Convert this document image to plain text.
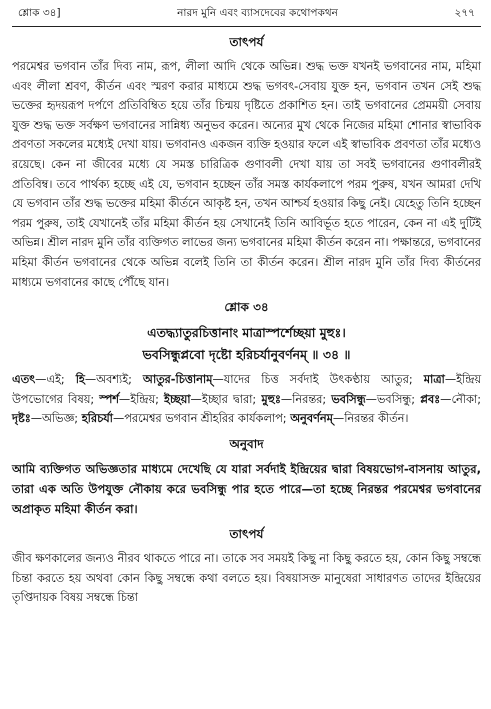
শ্লোক ৩৪]	নারদ মুনি এবং ব্যাসদেবের কথোপকথন	২৭৭
তাৎপর্য

পরমেশ্বর ভগবান তাঁর দিব্য নাম, রূপ, লীলা আদি থেকে অভিন্ন। শুদ্ধ ভক্ত যখনই ভগবানের নাম, মহিমা এবং লীলা শ্রবণ, কীর্তন এবং স্মরণ করার মাধ্যমে শুদ্ধ ভগবৎ-সেবায় যুক্ত হন, ভগবান তখন সেই শুদ্ধ ভক্তের হৃদয়রূপ দর্পণে প্রতিবিম্বিত হয়ে তাঁর চিন্ময় দৃষ্টিতে প্রকাশিত হন। তাই ভগবানের প্রেমময়ী সেবায় যুক্ত শুদ্ধ ভক্ত সর্বক্ষণ ভগবানের সান্নিধ্য অনুভব করেন। অন্যের মুখ থেকে নিজের মহিমা শোনার স্বাভাবিক প্রবণতা সকলের মধ্যেই দেখা যায়। ভগবানও একজন ব্যক্তি হওয়ার ফলে এই স্বাভাবিক প্রবণতা তাঁর মধ্যেও রয়েছে। কেন না জীবের মধ্যে যে সমস্ত চারিত্রিক গুণাবলী দেখা যায় তা সবই ভগবানের গুণাবলীরই প্রতিবিম্ব। তবে পার্থক্য হচ্ছে এই যে, ভগবান হচ্ছেন তাঁর সমস্ত কার্যকলাপে পরম পুরুষ, যখন আমরা দেখি যে ভগবান তাঁর শুদ্ধ ভক্তের মহিমা কীর্তনে আকৃষ্ট হন, তখন আশ্চর্য হওয়ার কিছু নেই। যেহেতু তিনি হচ্ছেন পরম পুরুষ, তাই যেখানেই তাঁর মহিমা কীর্তন হয় সেখানেই তিনি আবির্ভূত হতে পারেন, কেন না এই দুটিই অভিন্ন। শ্রীল নারদ মুনি তাঁর ব্যক্তিগত লাভের জন্য ভগবানের মহিমা কীর্তন করেন না। পক্ষান্তরে, ভগবানের মহিমা কীর্তন ভগবানের থেকে অভিন্ন বলেই তিনি তা কীর্তন করেন। শ্রীল নারদ মুনি তাঁর দিব্য কীর্তনের মাধ্যমে ভগবানের কাছে পৌঁছে যান।

শ্লোক ৩৪

এতদ্ধ্যাতুরচিত্তানাং মাত্রাস্পর্শেচ্ছয়া মুহুঃ।

ভবসিন্ধুপ্লবো দৃষ্টো হরিচর্যানুবর্ণনম্ ॥ ৩৪ ॥

এতৎ—এই; হি—অবশ্যই; আতুর-চিত্তানাম্—যাদের চিত্ত সর্বদাই উৎকণ্ঠায় আতুর; মাত্রা—ইন্দ্রিয় উপভোগের বিষয়; স্পর্শ—ইন্দ্রিয়; ইচ্ছয়া—ইচ্ছার দ্বারা; মুহুঃ—নিরন্তর; ভবসিন্ধু—ভবসিন্ধু; প্লবঃ—নৌকা; দৃষ্টঃ—অভিজ্ঞ; হরিচর্যা—পরমেশ্বর ভগবান শ্রীহরির কার্যকলাপ; অনুবর্ণনম্—নিরন্তর কীর্তন।

অনুবাদ

আমি ব্যক্তিগত অভিজ্ঞতার মাধ্যমে দেখেছি যে যারা সর্বদাই ইন্দ্রিয়ের দ্বারা বিষয়ভোগ-বাসনায় আতুর, তারা এক অতি উপযুক্ত নৌকায় করে ভবসিন্ধু পার হতে পারে—তা হচ্ছে নিরন্তর পরমেশ্বর ভগবানের অপ্রাকৃত মহিমা কীর্তন করা।

তাৎপর্য

জীব ক্ষণকালের জন্যও নীরব থাকতে পারে না। তাকে সব সময়ই কিছু না কিছু করতে হয়, কোন কিছু সম্বন্ধে চিন্তা করতে হয় অথবা কোন কিছু সম্বন্ধে কথা বলতে হয়। বিষয়াসক্ত মানুষেরা সাধারণত তাদের ইন্দ্রিয়ের তৃপ্তিদায়ক বিষয় সম্বন্ধে চিন্তা
